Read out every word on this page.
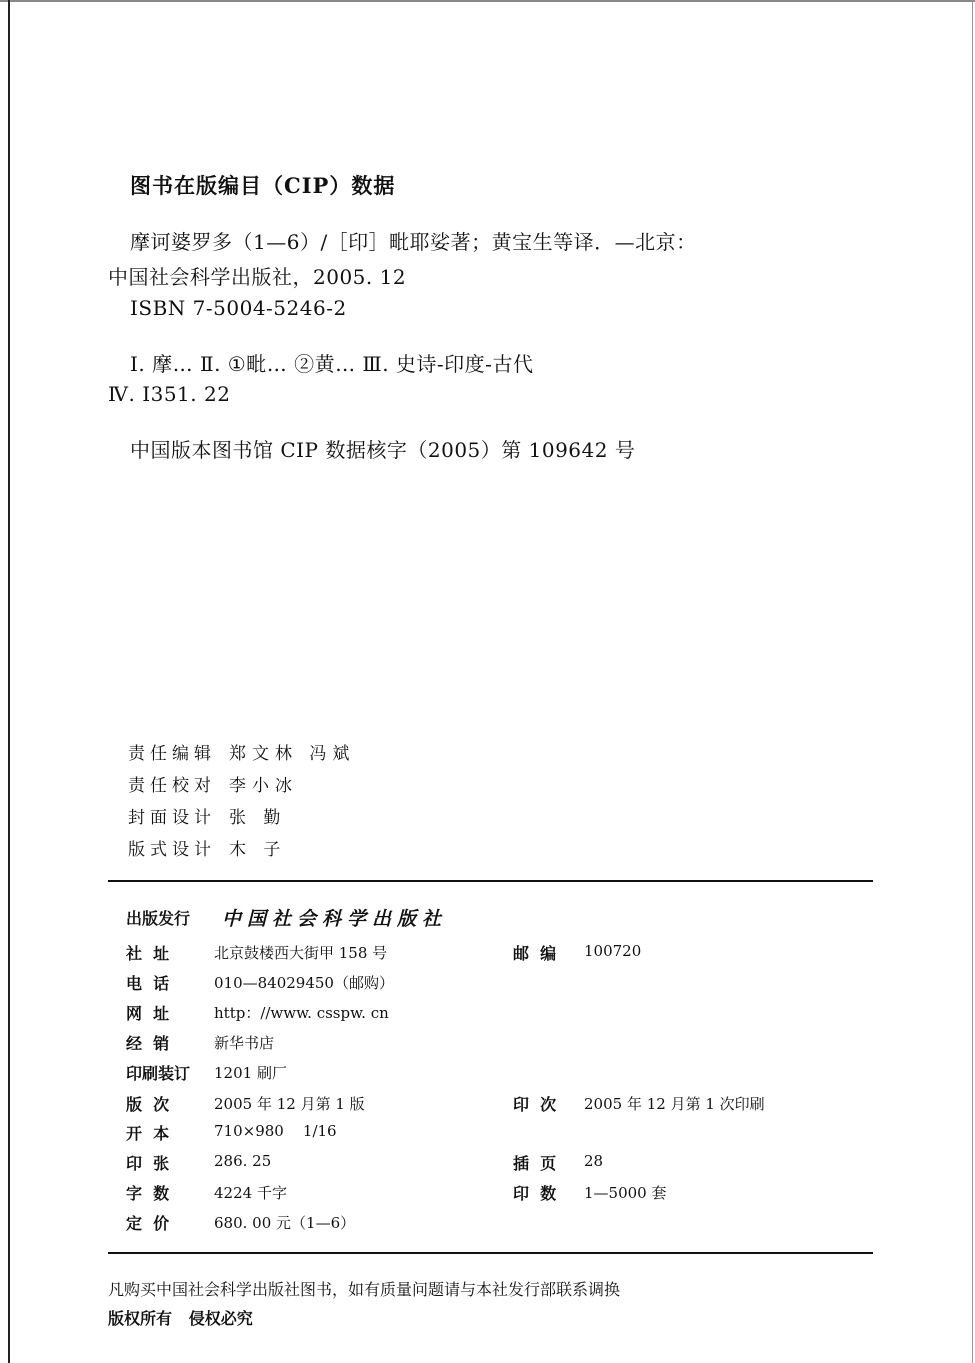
图书在版编目（CIP）数据
摩诃婆罗多（1—6）/［印］毗耶娑著；黄宝生等译．—北京：
中国社会科学出版社，2005. 12
ISBN 7-5004-5246-2
Ⅰ. 摩… Ⅱ. ①毗… ②黄… Ⅲ. 史诗-印度-古代
Ⅳ. I351. 22
中国版本图书馆 CIP 数据核字（2005）第 109642 号
责任编辑 郑文林 冯斌
责任校对 李小冰
封面设计 张 勤
版式设计 木 子
出版发行 中国社会科学出版社
社  址	北京鼓楼西大街甲 158 号	邮  编 100720
电  话	010—84029450（邮购）
网  址	http：//www. csspw. cn
经  销	新华书店
印刷装订 1201 刷厂
版  次	2005 年 12 月第 1 版	印  次 2005 年 12 月第 1 次印刷
开  本	710×980    1/16
印  张	286. 25	插  页 28
字  数	4224 千字	印  数 1—5000 套
定  价	680. 00 元（1—6）
凡购买中国社会科学出版社图书，如有质量问题请与本社发行部联系调换
版权所有   侵权必究
